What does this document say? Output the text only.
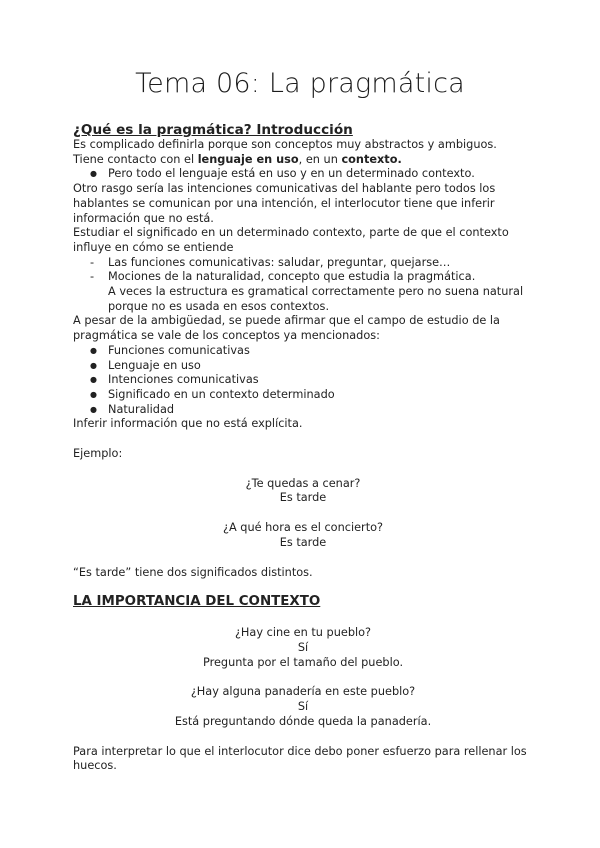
Tema 06: La pragmática
¿Qué es la pragmática? Introducción

Es complicado definirla porque son conceptos muy abstractos y ambiguos.
Tiene contacto con el lenguaje en uso, en un contexto.

● Pero todo el lenguaje está en uso y en un determinado contexto.

Otro rasgo sería las intenciones comunicativas del hablante pero todos los hablantes se comunican por una intención, el interlocutor tiene que inferir información que no está.

Estudiar el significado en un determinado contexto, parte de que el contexto influye en cómo se entiende

- Las funciones comunicativas: saludar, preguntar, quejarse…
- Mociones de la naturalidad, concepto que estudia la pragmática.

A veces la estructura es gramatical correctamente pero no suena natural porque no es usada en esos contextos.

A pesar de la ambigüedad, se puede afirmar que el campo de estudio de la pragmática se vale de los conceptos ya mencionados:

● Funciones comunicativas
● Lenguaje en uso
● Intenciones comunicativas
● Significado en un contexto determinado
● Naturalidad

Inferir información que no está explícita.

Ejemplo:

¿Te quedas a cenar?

Es tarde

¿A qué hora es el concierto?

Es tarde

“Es tarde” tiene dos significados distintos.

LA IMPORTANCIA DEL CONTEXTO

¿Hay cine en tu pueblo?

Sí

Pregunta por el tamaño del pueblo.

¿Hay alguna panadería en este pueblo?

Sí

Está preguntando dónde queda la panadería.

Para interpretar lo que el interlocutor dice debo poner esfuerzo para rellenar los huecos.
